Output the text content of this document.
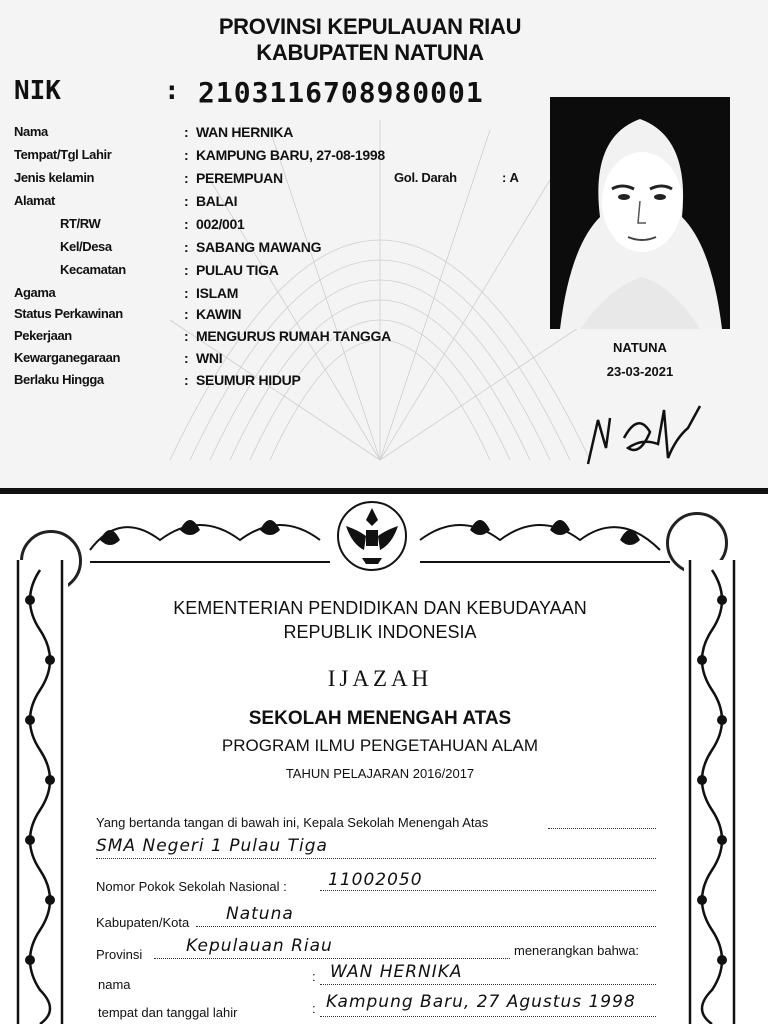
PROVINSI KEPULAUAN RIAU
KABUPATEN NATUNA
NIK	: 2103116708980001
Nama	: WAN HERNIKA
Tempat/Tgl Lahir	: KAMPUNG BARU, 27-08-1998
Jenis kelamin	: PEREMPUAN	Gol. Darah	: A
Alamat	: BALAI
RT/RW	: 002/001
Kel/Desa	: SABANG MAWANG
Kecamatan	: PULAU TIGA
Agama	: ISLAM
Status Perkawinan	: KAWIN
Pekerjaan	: MENGURUS RUMAH TANGGA
Kewarganegaraan	: WNI
Berlaku Hingga	: SEUMUR HIDUP
NATUNA
23-03-2021
KEMENTERIAN PENDIDIKAN DAN KEBUDAYAAN
REPUBLIK INDONESIA
IJAZAH
SEKOLAH MENENGAH ATAS
PROGRAM ILMU PENGETAHUAN ALAM
TAHUN PELAJARAN 2016/2017
Yang bertanda tangan di bawah ini, Kepala Sekolah Menengah Atas
SMA Negeri 1 Pulau Tiga
Nomor Pokok Sekolah Nasional : 11002050
Kabupaten/Kota Natuna
Provinsi	Kepulauan Riau	menerangkan bahwa:
nama
: WAN HERNIKA
tempat dan tanggal lahir	: Kampung Baru, 27 Agustus 1998
